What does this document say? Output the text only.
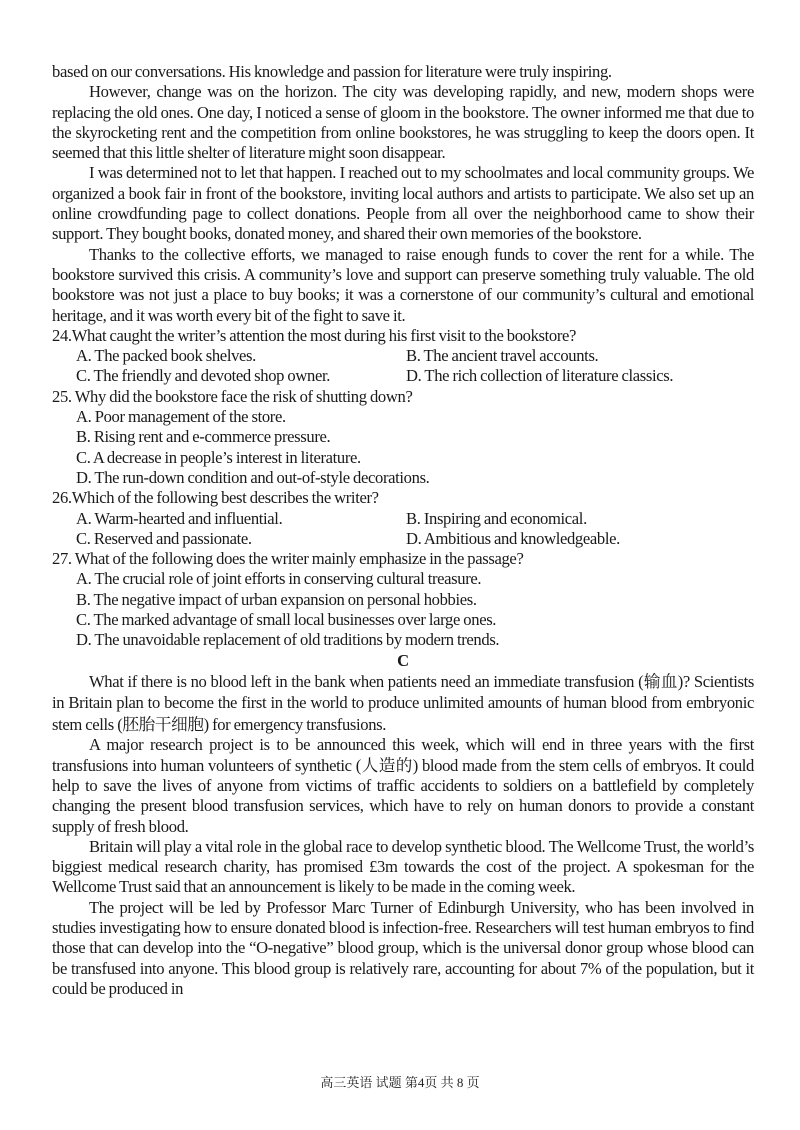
based on our conversations. His knowledge and passion for literature were truly inspiring.

However, change was on the horizon. The city was developing rapidly, and new, modern shops were replacing the old ones. One day, I noticed a sense of gloom in the bookstore. The owner informed me that due to the skyrocketing rent and the competition from online bookstores, he was struggling to keep the doors open. It seemed that this little shelter of literature might soon disappear.

I was determined not to let that happen. I reached out to my schoolmates and local community groups. We organized a book fair in front of the bookstore, inviting local authors and artists to participate. We also set up an online crowdfunding page to collect donations. People from all over the neighborhood came to show their support. They bought books, donated money, and shared their own memories of the bookstore.

Thanks to the collective efforts, we managed to raise enough funds to cover the rent for a while. The bookstore survived this crisis. A community’s love and support can preserve something truly valuable. The old bookstore was not just a place to buy books; it was a cornerstone of our community’s cultural and emotional heritage, and it was worth every bit of the fight to save it.

24.What caught the writer’s attention the most during his first visit to the bookstore?

A. The packed book shelves.	B. The ancient travel accounts.
C. The friendly and devoted shop owner.	D. The rich collection of literature classics.

25. Why did the bookstore face the risk of shutting down?

A. Poor management of the store.

B. Rising rent and e-commerce pressure.

C. A decrease in people’s interest in literature.

D. The run-down condition and out-of-style decorations.

26.Which of the following best describes the writer?

A. Warm-hearted and influential.	B. Inspiring and economical.
C. Reserved and passionate.	D. Ambitious and knowledgeable.

27. What of the following does the writer mainly emphasize in the passage?

A. The crucial role of joint efforts in conserving cultural treasure.

B. The negative impact of urban expansion on personal hobbies.

C. The marked advantage of small local businesses over large ones.

D. The unavoidable replacement of old traditions by modern trends.

C

What if there is no blood left in the bank when patients need an immediate transfusion (输血)? Scientists in Britain plan to become the first in the world to produce unlimited amounts of human blood from embryonic stem cells (胚胎干细胞) for emergency transfusions.

A major research project is to be announced this week, which will end in three years with the first transfusions into human volunteers of synthetic (人造的) blood made from the stem cells of embryos. It could help to save the lives of anyone from victims of traffic accidents to soldiers on a battlefield by completely changing the present blood transfusion services, which have to rely on human donors to provide a constant supply of fresh blood.

Britain will play a vital role in the global race to develop synthetic blood. The Wellcome Trust, the world’s biggiest medical research charity, has promised £3m towards the cost of the project. A spokesman for the Wellcome Trust said that an announcement is likely to be made in the coming week.

The project will be led by Professor Marc Turner of Edinburgh University, who has been involved in studies investigating how to ensure donated blood is infection-free. Researchers will test human embryos to find those that can develop into the “O-negative” blood group, which is the universal donor group whose blood can be transfused into anyone. This blood group is relatively rare, accounting for about 7% of the population, but it could be produced in

高三英语 试题 第4页 共 8 页
